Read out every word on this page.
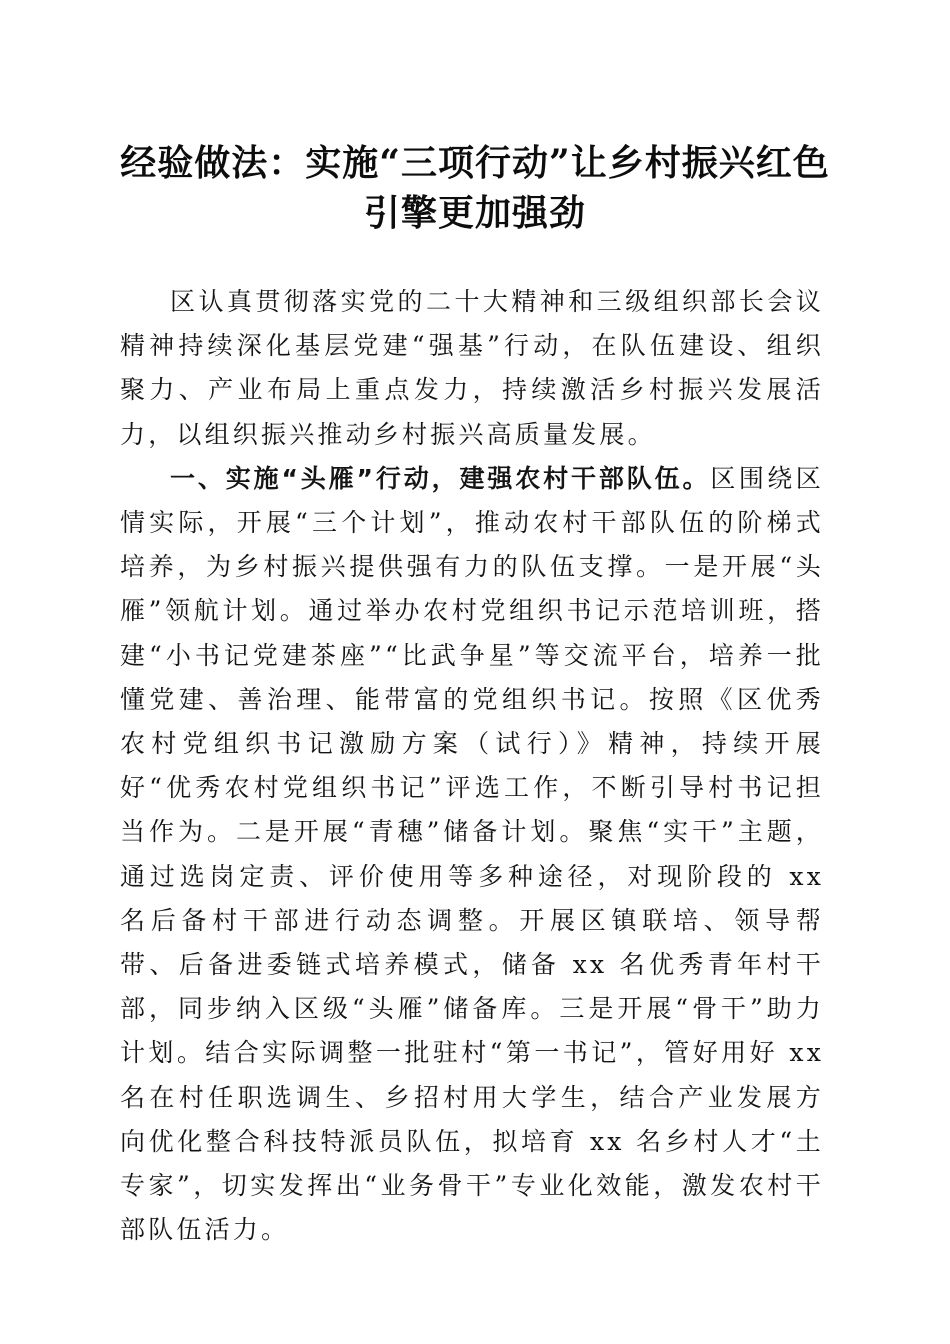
经验做法：实施“三项行动”让乡村振兴红色
引擎更加强劲

区认真贯彻落实党的二十大精神和三级组织部长会议精神持续深化基层党建“强基”行动，在队伍建设、组织聚力、产业布局上重点发力，持续激活乡村振兴发展活力，以组织振兴推动乡村振兴高质量发展。

一、实施“头雁”行动，建强农村干部队伍。区围绕区情实际，开展“三个计划”，推动农村干部队伍的阶梯式培养，为乡村振兴提供强有力的队伍支撑。一是开展“头雁”领航计划。通过举办农村党组织书记示范培训班，搭建“小书记党建茶座”“比武争星”等交流平台，培养一批懂党建、善治理、能带富的党组织书记。按照《区优秀农村党组织书记激励方案（试行）》精神，持续开展好“优秀农村党组织书记”评选工作，不断引导村书记担当作为。二是开展“青穗”储备计划。聚焦“实干”主题，通过选岗定责、评价使用等多种途径，对现阶段的 xx 名后备村干部进行动态调整。开展区镇联培、领导帮带、后备进委链式培养模式，储备 xx 名优秀青年村干部，同步纳入区级“头雁”储备库。三是开展“骨干”助力计划。结合实际调整一批驻村“第一书记”，管好用好 xx 名在村任职选调生、乡招村用大学生，结合产业发展方向优化整合科技特派员队伍，拟培育 xx 名乡村人才“土专家”，切实发挥出“业务骨干”专业化效能，激发农村干部队伍活力。
